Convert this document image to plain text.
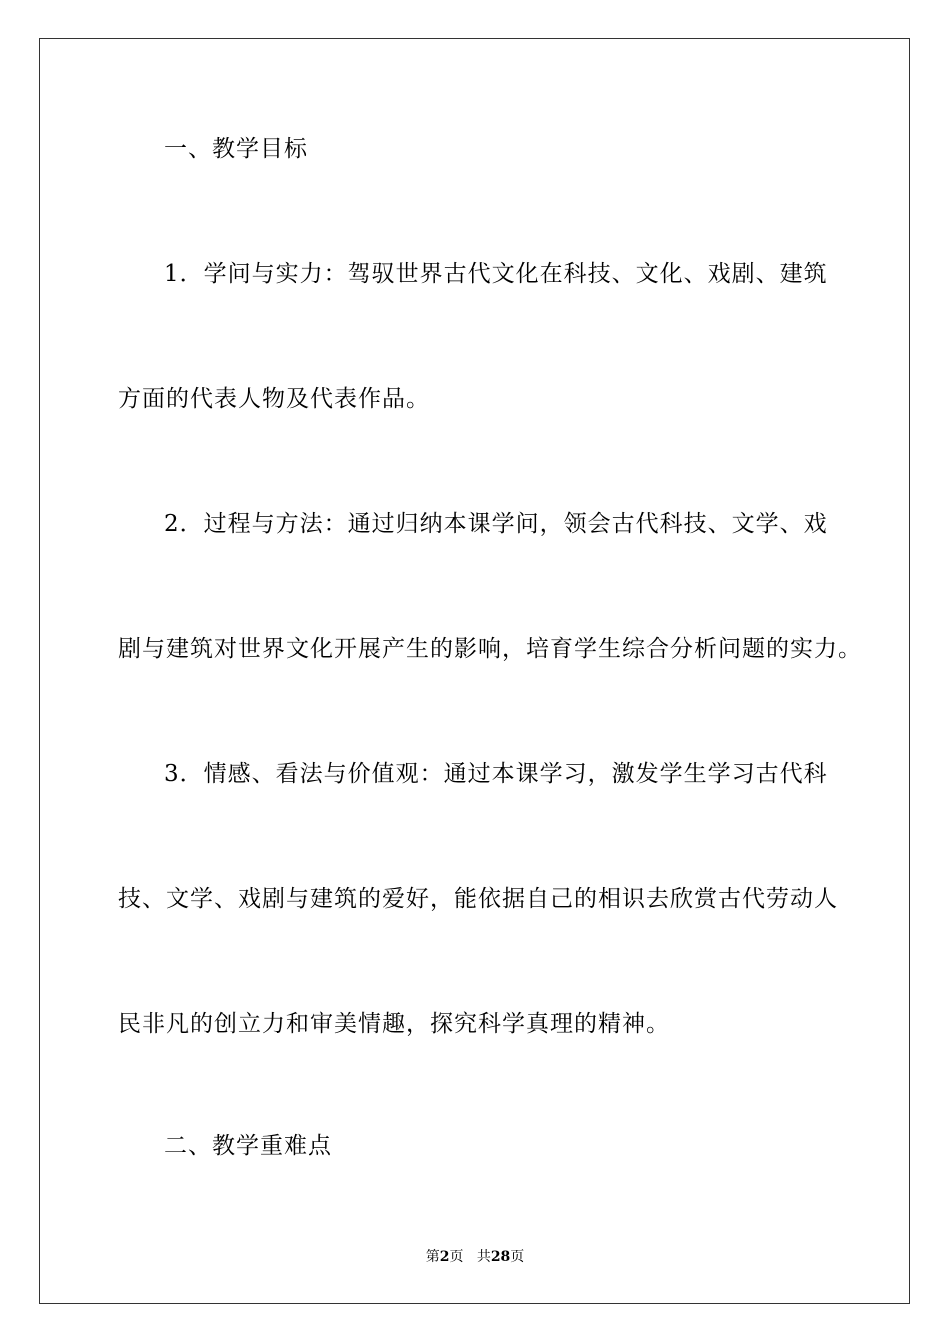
一、教学目标
1．学问与实力：驾驭世界古代文化在科技、文化、戏剧、建筑
方面的代表人物及代表作品。
2．过程与方法：通过归纳本课学问，领会古代科技、文学、戏
剧与建筑对世界文化开展产生的影响，培育学生综合分析问题的实力。
3．情感、看法与价值观：通过本课学习，激发学生学习古代科
技、文学、戏剧与建筑的爱好，能依据自己的相识去欣赏古代劳动人
民非凡的创立力和审美情趣，探究科学真理的精神。
二、教学重难点
第2页 共28页
